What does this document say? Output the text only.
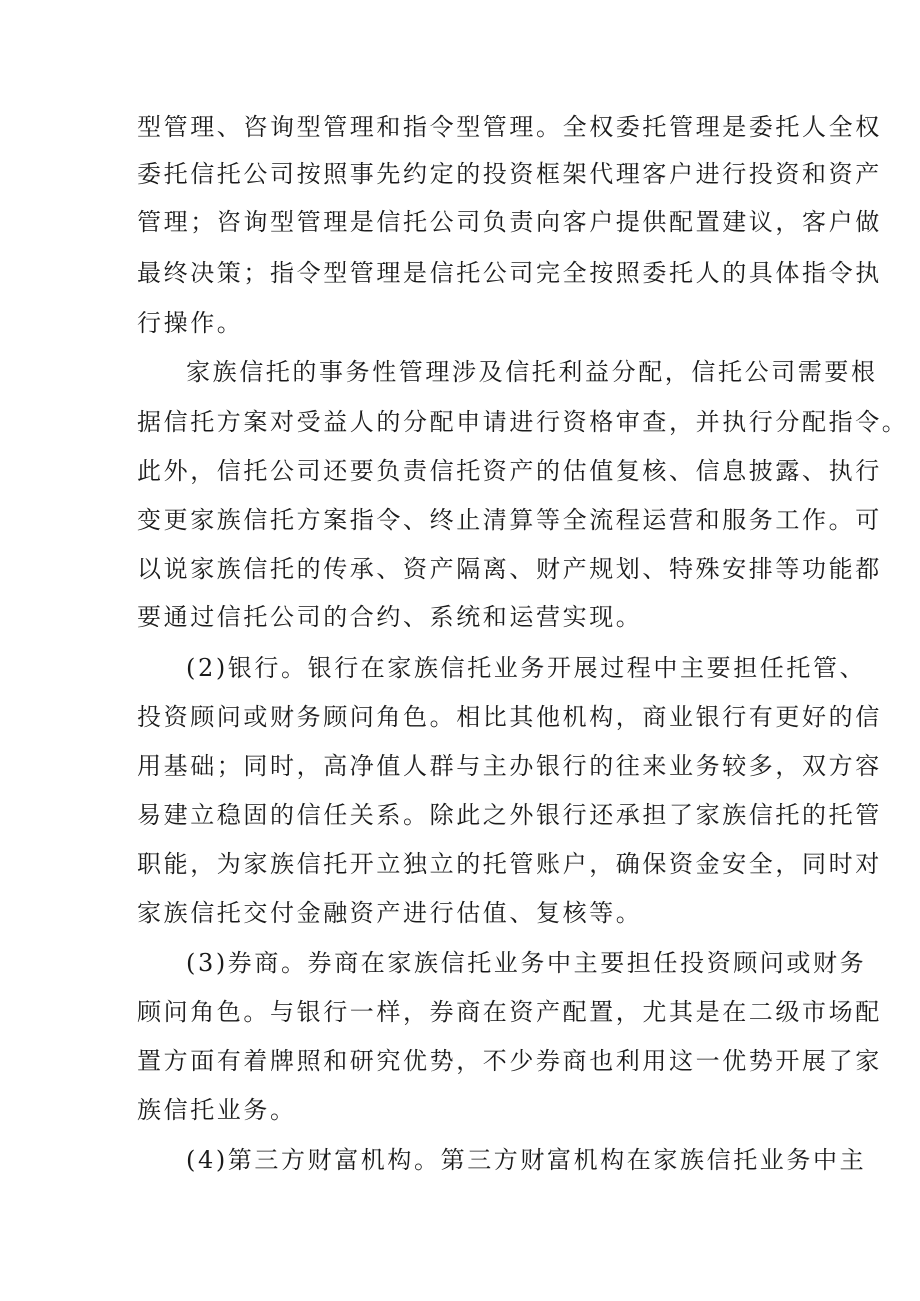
型管理、咨询型管理和指令型管理。全权委托管理是委托人全权
委托信托公司按照事先约定的投资框架代理客户进行投资和资产
管理；咨询型管理是信托公司负责向客户提供配置建议，客户做
最终决策；指令型管理是信托公司完全按照委托人的具体指令执
行操作。
家族信托的事务性管理涉及信托利益分配，信托公司需要根
据信托方案对受益人的分配申请进行资格审查，并执行分配指令。
此外，信托公司还要负责信托资产的估值复核、信息披露、执行
变更家族信托方案指令、终止清算等全流程运营和服务工作。可
以说家族信托的传承、资产隔离、财产规划、特殊安排等功能都
要通过信托公司的合约、系统和运营实现。
(2)银行。银行在家族信托业务开展过程中主要担任托管、
投资顾问或财务顾问角色。相比其他机构，商业银行有更好的信
用基础；同时，高净值人群与主办银行的往来业务较多，双方容
易建立稳固的信任关系。除此之外银行还承担了家族信托的托管
职能，为家族信托开立独立的托管账户，确保资金安全，同时对
家族信托交付金融资产进行估值、复核等。
(3)券商。券商在家族信托业务中主要担任投资顾问或财务
顾问角色。与银行一样，券商在资产配置，尤其是在二级市场配
置方面有着牌照和研究优势，不少券商也利用这一优势开展了家
族信托业务。
(4)第三方财富机构。第三方财富机构在家族信托业务中主
